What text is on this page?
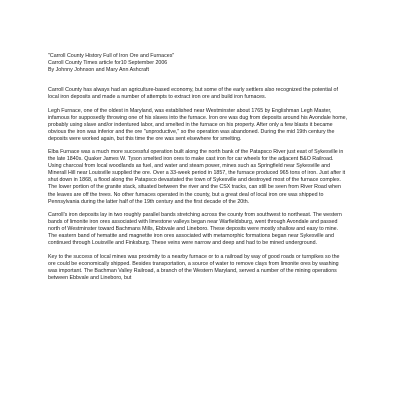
"Carroll County History Full of Iron Ore and Furnaces"

Carroll County Times article for10 September 2006

By Johnny Johnson and Mary Ann Ashcraft

Carroll County has always had an agriculture-based economy, but some of the early settlers also recognized the potential of local iron deposits and made a number of attempts to extract iron ore and build iron furnaces.

Legh Furnace, one of the oldest in Maryland, was established near Westminster about 1765 by Englishman Legh Master, infamous for supposedly throwing one of his slaves into the furnace. Iron ore was dug from deposits around his Avondale home, probably using slave and/or indentured labor, and smelted in the furnace on his property. After only a few blasts it became obvious the iron was inferior and the ore "unproductive," so the operation was abandoned. During the mid 19th century the deposits were worked again, but this time the ore was sent elsewhere for smelting.

Elba Furnace was a much more successful operation built along the north bank of the Patapsco River just east of Sykesville in the late 1840s. Quaker James W. Tyson smelted iron ores to make cast iron for car wheels for the adjacent B&O Railroad. Using charcoal from local woodlands as fuel, and water and steam power, mines such as Springfield near Sykesville and Minerall Hill near Louisville supplied the ore. Over a 33-week period in 1857, the furnace produced 965 tons of iron. Just after it shut down in 1868, a flood along the Patapsco devastated the town of Sykesville and destroyed most of the furnace complex. The lower portion of the granite stack, situated between the river and the CSX tracks, can still be seen from River Road when the leaves are off the trees. No other furnaces operated in the county, but a great deal of local iron ore was shipped to Pennsylvania during the latter half of the 19th century and the first decade of the 20th.

Carroll's iron deposits lay in two roughly parallel bands stretching across the county from southwest to northeast. The western bands of limonite iron ores associated with limestone valleys began near Warfieldsburg, went through Avondale and passed north of Westminster toward Bachmans Mills, Ebbvale and Lineboro. These deposits were mostly shallow and easy to mine. The eastern band of hematite and magnetite iron ores associated with metamorphic formations began near Sykesville and continued through Louisville and Finksburg. These veins were narrow and deep and had to be mined underground.

Key to the success of local mines was proximity to a nearby furnace or to a railroad by way of good roads or turnpikes so the ore could be economically shipped. Besides transportation, a source of water to remove clays from limonite ores by washing was important. The Bachman Valley Railroad, a branch of the Western Maryland, served a number of the mining operations between Ebbvale and Lineboro, but
